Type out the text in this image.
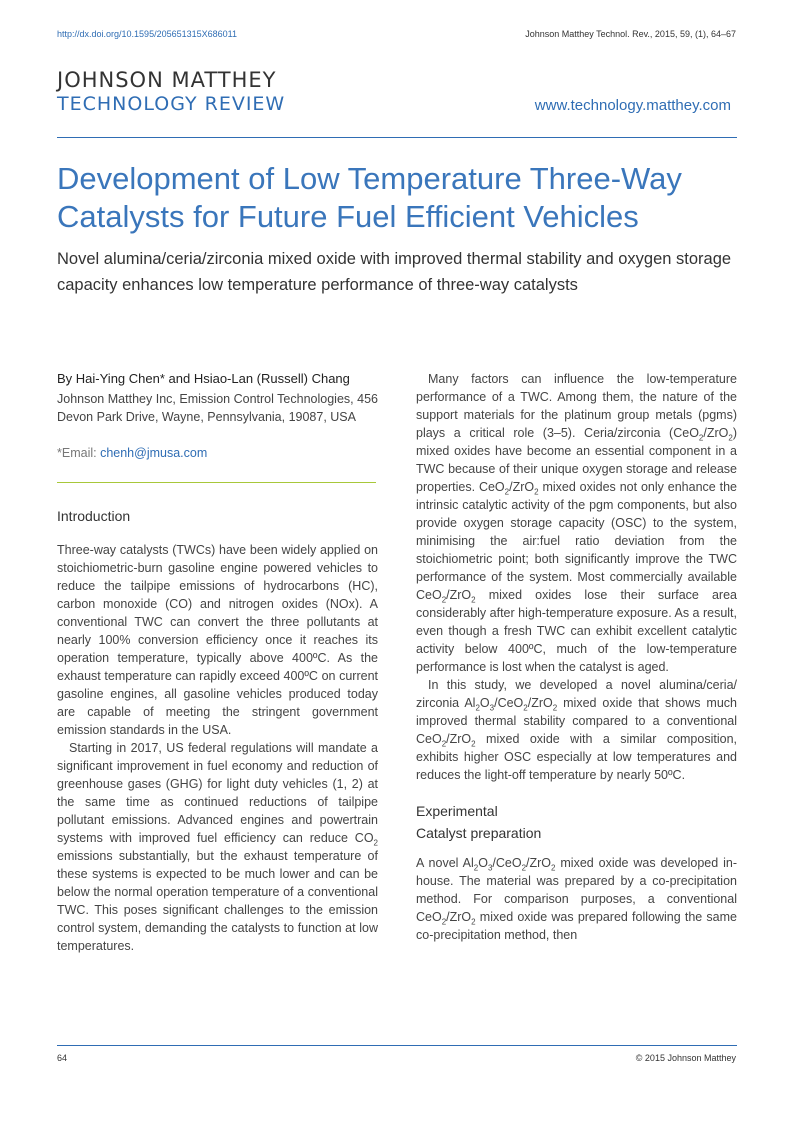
http://dx.doi.org/10.1595/205651315X686011	Johnson Matthey Technol. Rev., 2015, 59, (1), 64–67
JOHNSON MATTHEY
TECHNOLOGY REVIEW	www.technology.matthey.com
Development of Low Temperature Three-Way Catalysts for Future Fuel Efficient Vehicles
Novel alumina/ceria/zirconia mixed oxide with improved thermal stability and oxygen storage capacity enhances low temperature performance of three-way catalysts
By Hai-Ying Chen* and Hsiao-Lan (Russell) Chang

Johnson Matthey Inc, Emission Control Technologies, 456 Devon Park Drive, Wayne, Pennsylvania, 19087, USA

*Email: chenh@jmusa.com
Introduction

Three-way catalysts (TWCs) have been widely applied on stoichiometric-burn gasoline engine powered vehicles to reduce the tailpipe emissions of hydrocarbons (HC), carbon monoxide (CO) and nitrogen oxides (NOx). A conventional TWC can convert the three pollutants at nearly 100% conversion efficiency once it reaches its operation temperature, typically above 400ºC. As the exhaust temperature can rapidly exceed 400ºC on current gasoline engines, all gasoline vehicles produced today are capable of meeting the stringent government emission standards in the USA.

Starting in 2017, US federal regulations will mandate a significant improvement in fuel economy and reduction of greenhouse gases (GHG) for light duty vehicles (1, 2) at the same time as continued reductions of tailpipe pollutant emissions. Advanced engines and powertrain systems with improved fuel efficiency can reduce $CO_2$ emissions substantially, but the exhaust temperature of these systems is expected to be much lower and can be below the normal operation temperature of a conventional TWC. This poses significant challenges to the emission control system, demanding the catalysts to function at low temperatures.

Many factors can influence the low-temperature performance of a TWC. Among them, the nature of the support materials for the platinum group metals (pgms) plays a critical role (3–5). Ceria/zirconia (CeO$_2$/ZrO$_2$) mixed oxides have become an essential component in a TWC because of their unique oxygen storage and release properties. CeO$_2$/ZrO$_2$ mixed oxides not only enhance the intrinsic catalytic activity of the pgm components, but also provide oxygen storage capacity (OSC) to the system, minimising the air:fuel ratio deviation from the stoichiometric point; both significantly improve the TWC performance of the system. Most commercially available CeO$_2$/ZrO$_2$ mixed oxides lose their surface area considerably after high-temperature exposure. As a result, even though a fresh TWC can exhibit excellent catalytic activity below 400ºC, much of the low-temperature performance is lost when the catalyst is aged.

In this study, we developed a novel alumina/ceria/ zirconia $Al_2O_3/CeO_2/ZrO_2$ mixed oxide that shows much improved thermal stability compared to a conventional CeO$_2$/ZrO$_2$ mixed oxide with a similar composition, exhibits higher OSC especially at low temperatures and reduces the light-off temperature by nearly 50ºC.

Experimental
Catalyst preparation

A novel $Al_2O_3/CeO_2/ZrO_2$ mixed oxide was developed in-house. The material was prepared by a co-precipitation method. For comparison purposes, a conventional CeO$_2$/ZrO$_2$ mixed oxide was prepared following the same co-precipitation method, then

64	© 2015 Johnson Matthey
